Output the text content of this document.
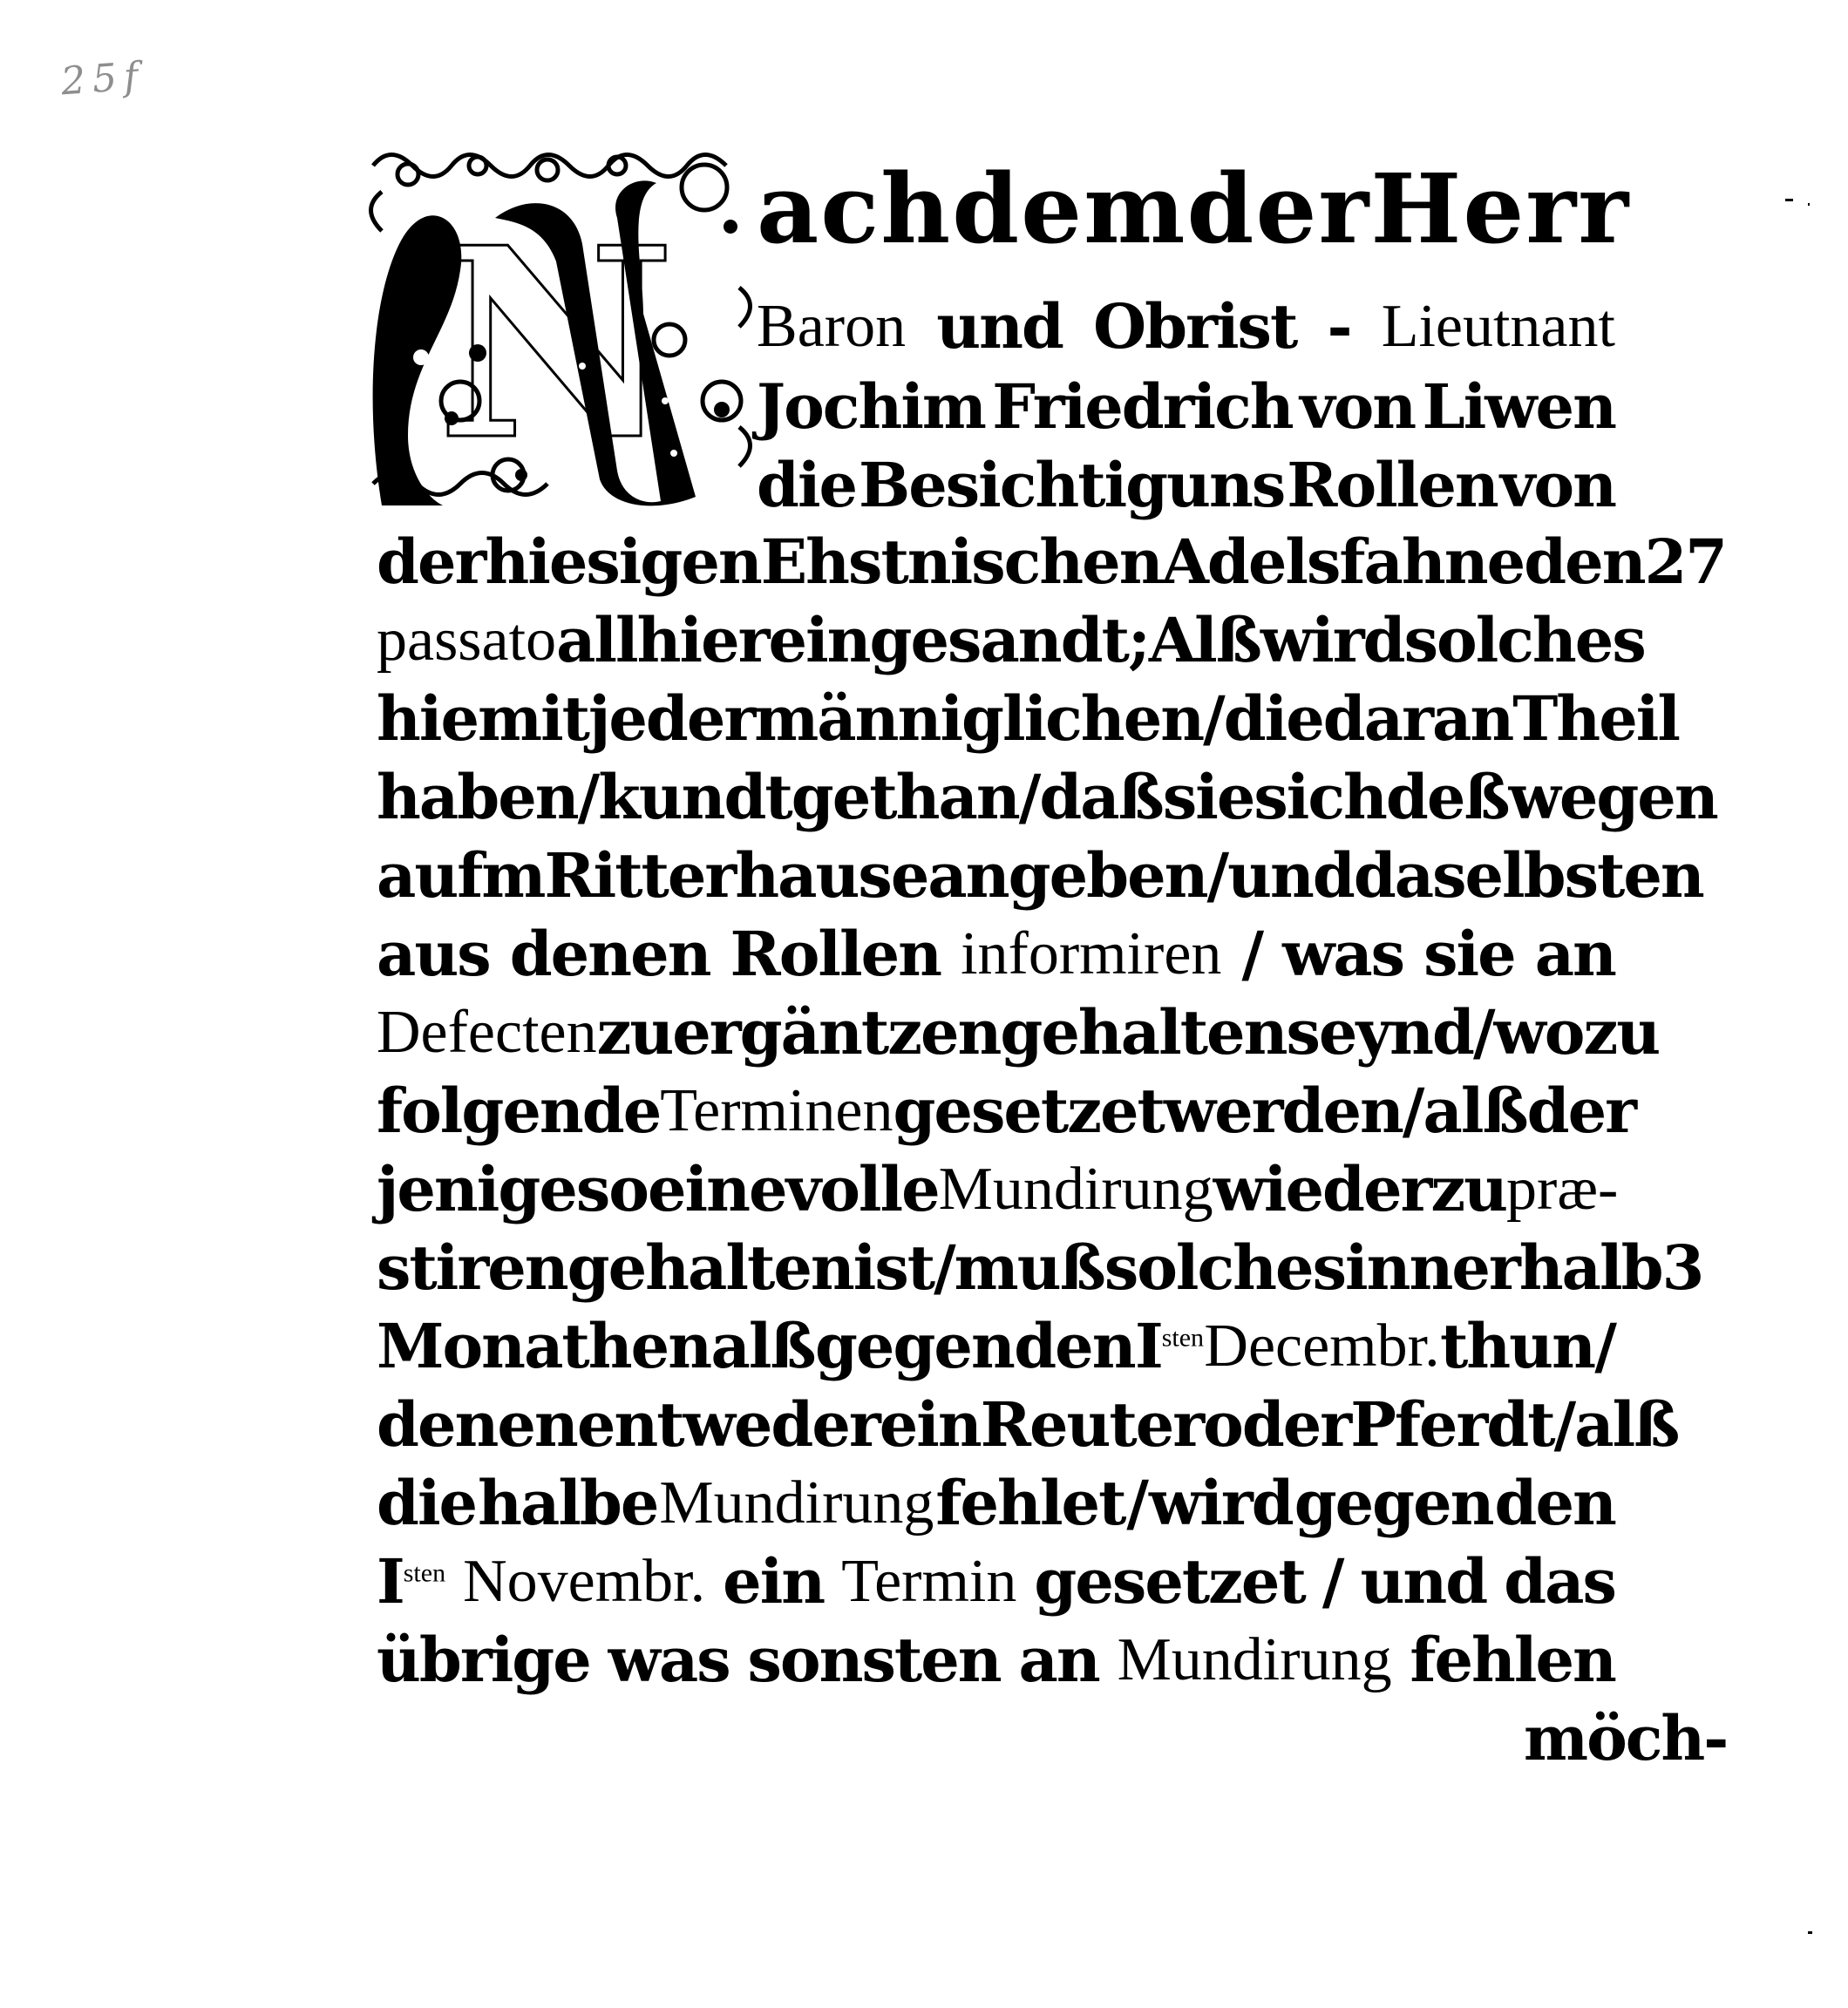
25f
N achdem der Herr
Baron und Obrist - Lieutnant
Jochim Friedrich von Liwen
die Besichtiguns Rollen von
der hiesigen Ehstnischen Adelsfahne den 27
passato allhier eingesandt; Alß wird solches
hiemit jedermänniglichen / die daran Theil
haben / kundt gethan / daß sie sich deßwegen
aufm Ritterhause angeben / und daselbsten
aus denen Rollen informiren / was sie an
Defecten zu ergäntzen gehalten seynd / wozu
folgende Terminen gesetzet werden / alß der
jenige so eine volle Mundirung wieder zu præ-
stiren gehalten ist / muß solches innerhalb 3
Monathen alß gegen den $I^{sten}$ Decembr. thun /
denen entweder ein Reuter oder Pferdt / alß
die halbe Mundirung fehlet / wird gegen den
$I^{sten}$ Novembr. ein Termin gesetzet / und das
übrige was sonsten an Mundirung fehlen
möch-
